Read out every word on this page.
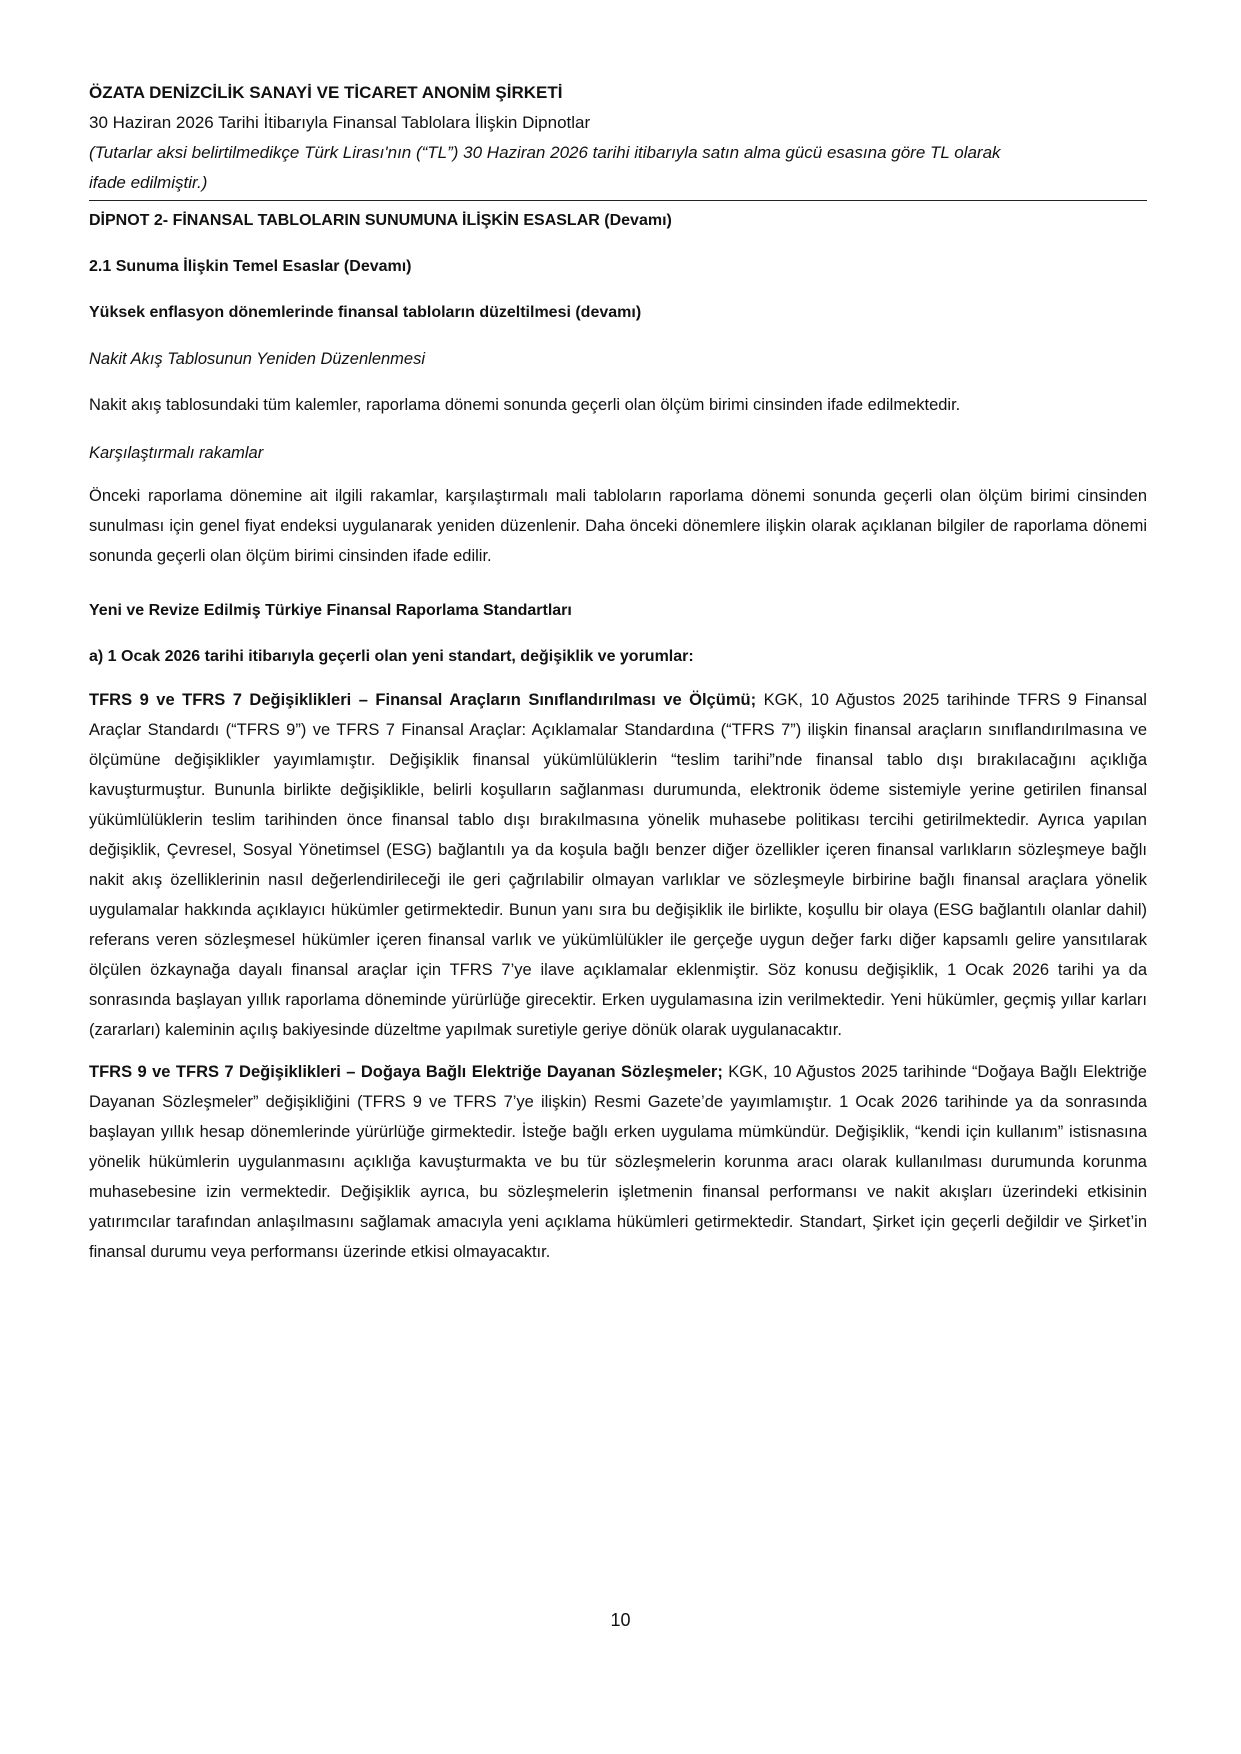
ÖZATA DENİZCİLİK SANAYİ VE TİCARET ANONİM ŞİRKETİ

30 Haziran 2026 Tarihi İtibarıyla Finansal Tablolara İlişkin Dipnotlar

(Tutarlar aksi belirtilmedikçe Türk Lirası'nın (“TL”) 30 Haziran 2026 tarihi itibarıyla satın alma gücü esasına göre TL olarak

ifade edilmiştir.)

DİPNOT 2- FİNANSAL TABLOLARIN SUNUMUNA İLİŞKİN ESASLAR (Devamı)

2.1 Sunuma İlişkin Temel Esaslar (Devamı)

Yüksek enflasyon dönemlerinde finansal tabloların düzeltilmesi (devamı)

Nakit Akış Tablosunun Yeniden Düzenlenmesi

Nakit akış tablosundaki tüm kalemler, raporlama dönemi sonunda geçerli olan ölçüm birimi cinsinden ifade edilmektedir.

Karşılaştırmalı rakamlar

Önceki raporlama dönemine ait ilgili rakamlar, karşılaştırmalı mali tabloların raporlama dönemi sonunda geçerli olan ölçüm birimi cinsinden sunulması için genel fiyat endeksi uygulanarak yeniden düzenlenir. Daha önceki dönemlere ilişkin olarak açıklanan bilgiler de raporlama dönemi sonunda geçerli olan ölçüm birimi cinsinden ifade edilir.

Yeni ve Revize Edilmiş Türkiye Finansal Raporlama Standartları

a) 1 Ocak 2026 tarihi itibarıyla geçerli olan yeni standart, değişiklik ve yorumlar:

TFRS 9 ve TFRS 7 Değişiklikleri – Finansal Araçların Sınıflandırılması ve Ölçümü; KGK, 10 Ağustos 2025 tarihinde TFRS 9 Finansal Araçlar Standardı (“TFRS 9”) ve TFRS 7 Finansal Araçlar: Açıklamalar Standardına (“TFRS 7”) ilişkin finansal araçların sınıflandırılmasına ve ölçümüne değişiklikler yayımlamıştır. Değişiklik finansal yükümlülüklerin “teslim tarihi”nde finansal tablo dışı bırakılacağını açıklığa kavuşturmuştur. Bununla birlikte değişiklikle, belirli koşulların sağlanması durumunda, elektronik ödeme sistemiyle yerine getirilen finansal yükümlülüklerin teslim tarihinden önce finansal tablo dışı bırakılmasına yönelik muhasebe politikası tercihi getirilmektedir. Ayrıca yapılan değişiklik, Çevresel, Sosyal Yönetimsel (ESG) bağlantılı ya da koşula bağlı benzer diğer özellikler içeren finansal varlıkların sözleşmeye bağlı nakit akış özelliklerinin nasıl değerlendirileceği ile geri çağrılabilir olmayan varlıklar ve sözleşmeyle birbirine bağlı finansal araçlara yönelik uygulamalar hakkında açıklayıcı hükümler getirmektedir. Bunun yanı sıra bu değişiklik ile birlikte, koşullu bir olaya (ESG bağlantılı olanlar dahil) referans veren sözleşmesel hükümler içeren finansal varlık ve yükümlülükler ile gerçeğe uygun değer farkı diğer kapsamlı gelire yansıtılarak ölçülen özkaynağa dayalı finansal araçlar için TFRS 7’ye ilave açıklamalar eklenmiştir. Söz konusu değişiklik, 1 Ocak 2026 tarihi ya da sonrasında başlayan yıllık raporlama döneminde yürürlüğe girecektir. Erken uygulamasına izin verilmektedir. Yeni hükümler, geçmiş yıllar karları (zararları) kaleminin açılış bakiyesinde düzeltme yapılmak suretiyle geriye dönük olarak uygulanacaktır.

TFRS 9 ve TFRS 7 Değişiklikleri – Doğaya Bağlı Elektriğe Dayanan Sözleşmeler; KGK, 10 Ağustos 2025 tarihinde “Doğaya Bağlı Elektriğe Dayanan Sözleşmeler” değişikliğini (TFRS 9 ve TFRS 7’ye ilişkin) Resmi Gazete’de yayımlamıştır. 1 Ocak 2026 tarihinde ya da sonrasında başlayan yıllık hesap dönemlerinde yürürlüğe girmektedir. İsteğe bağlı erken uygulama mümkündür. Değişiklik, “kendi için kullanım” istisnasına yönelik hükümlerin uygulanmasını açıklığa kavuşturmakta ve bu tür sözleşmelerin korunma aracı olarak kullanılması durumunda korunma muhasebesine izin vermektedir. Değişiklik ayrıca, bu sözleşmelerin işletmenin finansal performansı ve nakit akışları üzerindeki etkisinin yatırımcılar tarafından anlaşılmasını sağlamak amacıyla yeni açıklama hükümleri getirmektedir. Standart, Şirket için geçerli değildir ve Şirket’in finansal durumu veya performansı üzerinde etkisi olmayacaktır.

10
